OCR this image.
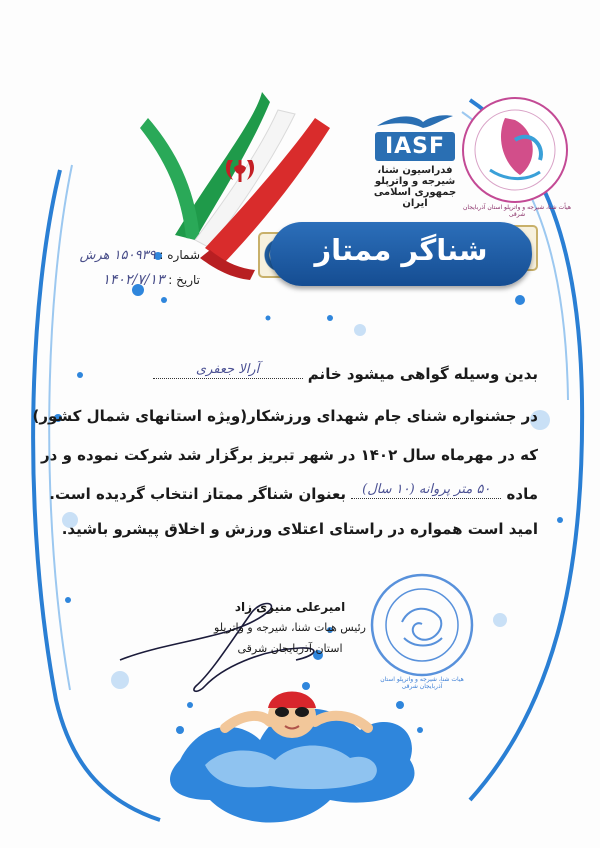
IASF
فدراسیون شنا، شیرجه و واترپلو
جمهوری اسلامی ایران	هیأت شنا، شیرجه و واترپلو استان آذربایجان شرقی
شناگر ممتاز
شماره : ۱۵۰۹۳۹ هرش
تاریخ : ۱۴۰۲/۷/۱۳
بدین وسیله گواهی میشود خانم
آرالا جعفری
در جشنواره شنای جام شهدای ورزشکار(ویژه استانهای شمال کشور)
که در مهرماه سال ۱۴۰۲ در شهر تبریز برگزار شد شرکت نموده و در
ماده
۵۰ متر پروانه (۱۰ سال)
بعنوان شناگر ممتاز انتخاب گردیده است.
امید است همواره در راستای اعتلای ورزش و اخلاق پیشرو باشید.
امیرعلی منیری زاد
رئیس هیات شنا، شیرجه و واترپلو
استان آذربایجان شرقی
هیات شنا، شیرجه و واترپلو استان آذربایجان شرقی
